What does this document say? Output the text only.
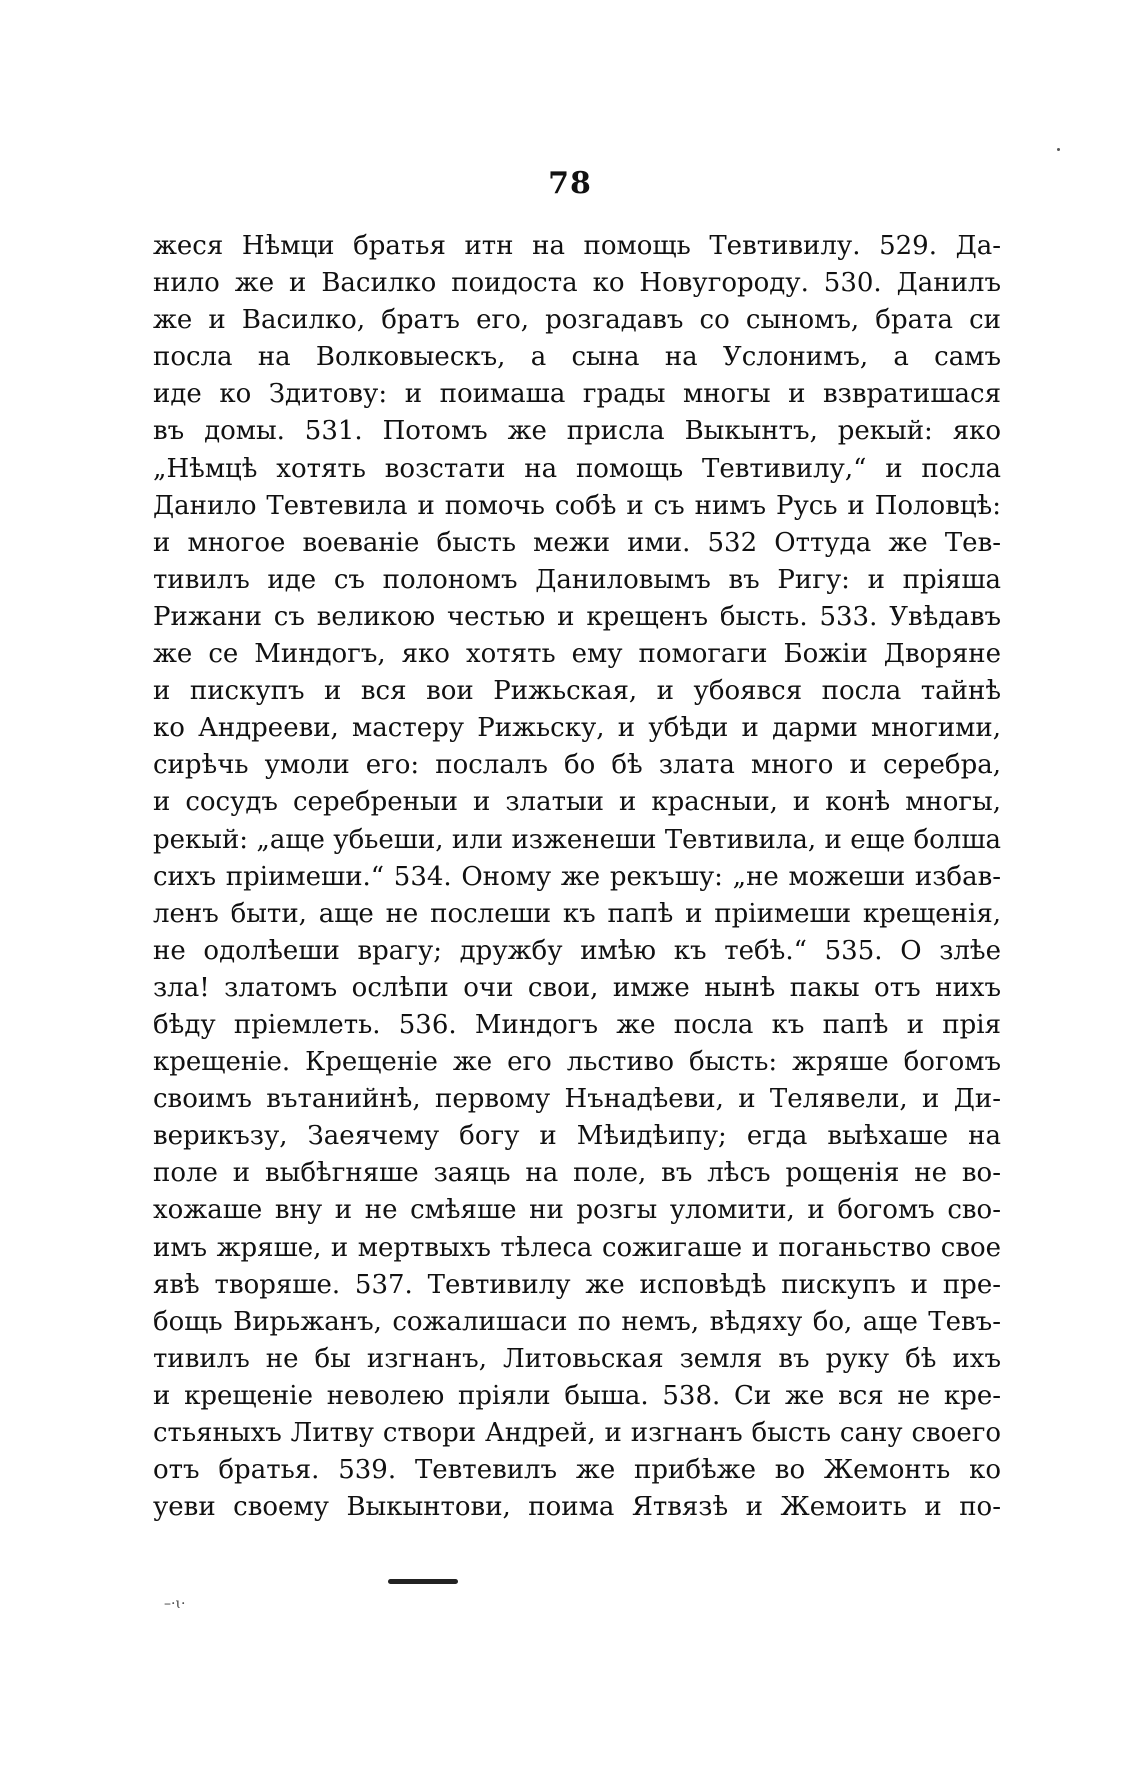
78
жеся Нѣмци братья итн на помощь Тевтивилу. 529. Да-
нило же и Василко поидоста ко Новугороду. 530. Данилъ
же и Василко, братъ его, розгадавъ со сыномъ, брата си
посла на Волковыескъ, а сына на Услонимъ, а самъ
иде ко Здитову: и поимаша грады многы и взвратишася
въ домы. 531. Потомъ же присла Выкынтъ, рекый: яко
„Нѣмцѣ хотять возстати на помощь Тевтивилу,“ и посла
Данило Тевтевила и помочь собѣ и съ нимъ Русь и Половцѣ:
и многое воеваніе бысть межи ими. 532 Оттуда же Тев-
тивилъ иде съ полономъ Даниловымъ въ Ригу: и пріяша
Рижани съ великою честью и крещенъ бысть. 533. Увѣдавъ
же се Миндогъ, яко хотять ему помогаги Божіи Дворяне
и пискупъ и вся вои Рижьская, и убоявся посла тайнѣ
ко Андрееви, мастеру Рижьску, и убѣди и дарми многими,
сирѣчь умоли его: послалъ бо бѣ злата много и серебра,
и сосудъ серебреныи и златыи и красныи, и конѣ многы,
рекый: „аще убьеши, или изженеши Тевтивила, и еще болша
сихъ пріимеши.“ 534. Оному же рекъшу: „не можеши избав-
ленъ быти, аще не послеши къ папѣ и пріимеши крещенія,
не одолѣеши врагу; дружбу имѣю къ тебѣ.“ 535. О злѣе
зла! златомъ ослѣпи очи свои, имже нынѣ пакы отъ нихъ
бѣду пріемлеть. 536. Миндогъ же посла къ папѣ и прія
крещеніе. Крещеніе же его льстиво бысть: жряше богомъ
своимъ вътанийнѣ, первому Нънадѣеви, и Телявели, и Ди-
верикъзу, Заеячему богу и Мѣидѣипу; егда выѣхаше на
поле и выбѣгняше заяць на поле, въ лѣсъ рощенія не во-
хожаше вну и не смѣяше ни розгы уломити, и богомъ сво-
имъ жряше, и мертвыхъ тѣлеса сожигаше и поганьство свое
явѣ творяше. 537. Тевтивилу же исповѣдѣ пискупъ и пре-
бощь Вирьжанъ, сожалишаси по немъ, вѣдяху бо, аще Тевъ-
тивилъ не бы изгнанъ, Литовьская земля въ руку бѣ ихъ
и крещеніе неволею пріяли быша. 538. Си же вся не кре-
стьяныхъ Литву створи Андрей, и изгнанъ бысть сану своего
отъ братья. 539. Тевтевилъ же прибѣже во Жемонть ко
уеви своему Выкынтови, поима Ятвязѣ и Жемоить и по-
–·ɩ·
